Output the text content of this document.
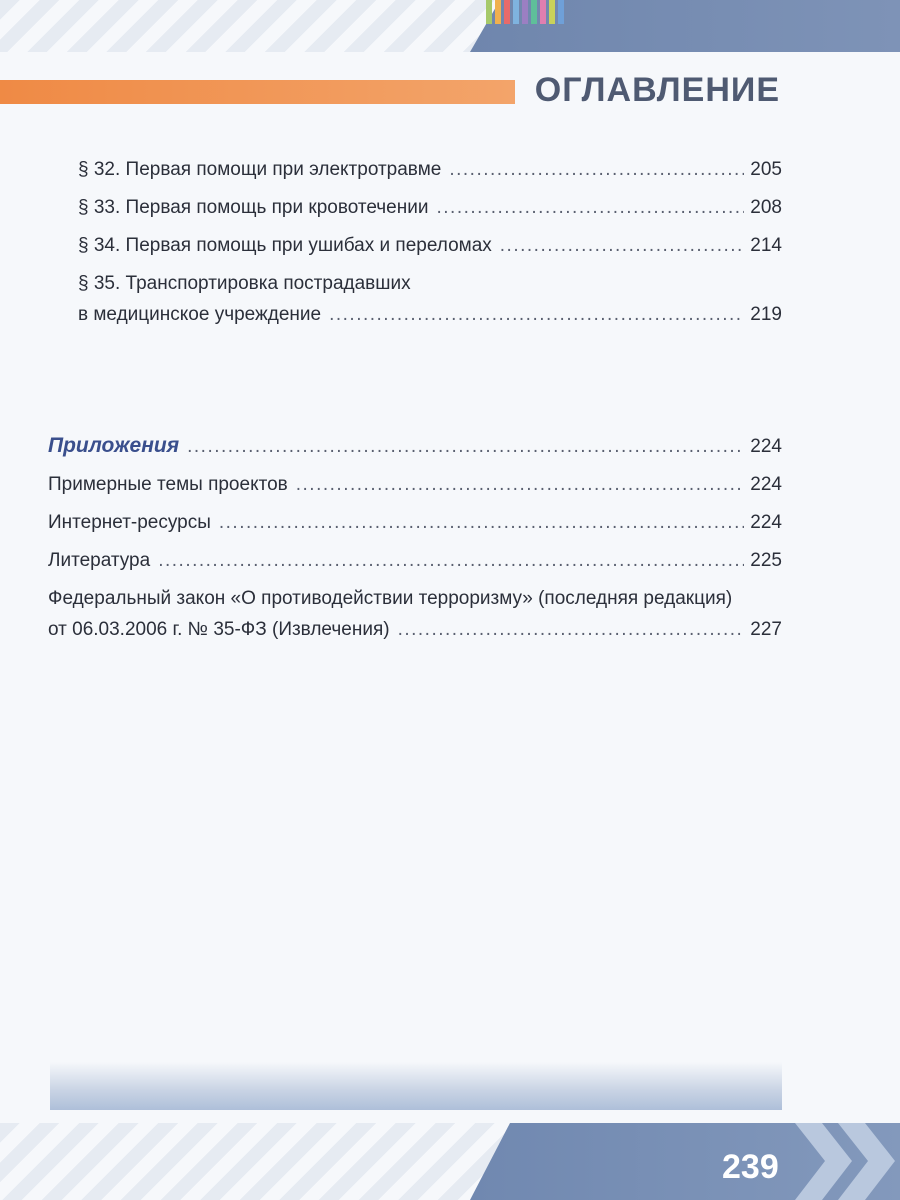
ОГЛАВЛЕНИЕ
§ 32. Первая помощи при электротравме .....	205
§ 33. Первая помощь при кровотечении .....	208
§ 34. Первая помощь при ушибах и переломах .....	214
§ 35. Транспортировка пострадавших
в медицинское учреждение .....	219
Приложения .....	224
Примерные темы проектов .....	224
Интернет-ресурсы .....	224
Литература .....	225
Федеральный закон «О противодействии терроризму» (последняя редакция)
от 06.03.2006 г. № 35-ФЗ (Извлечения) .....	227

239
